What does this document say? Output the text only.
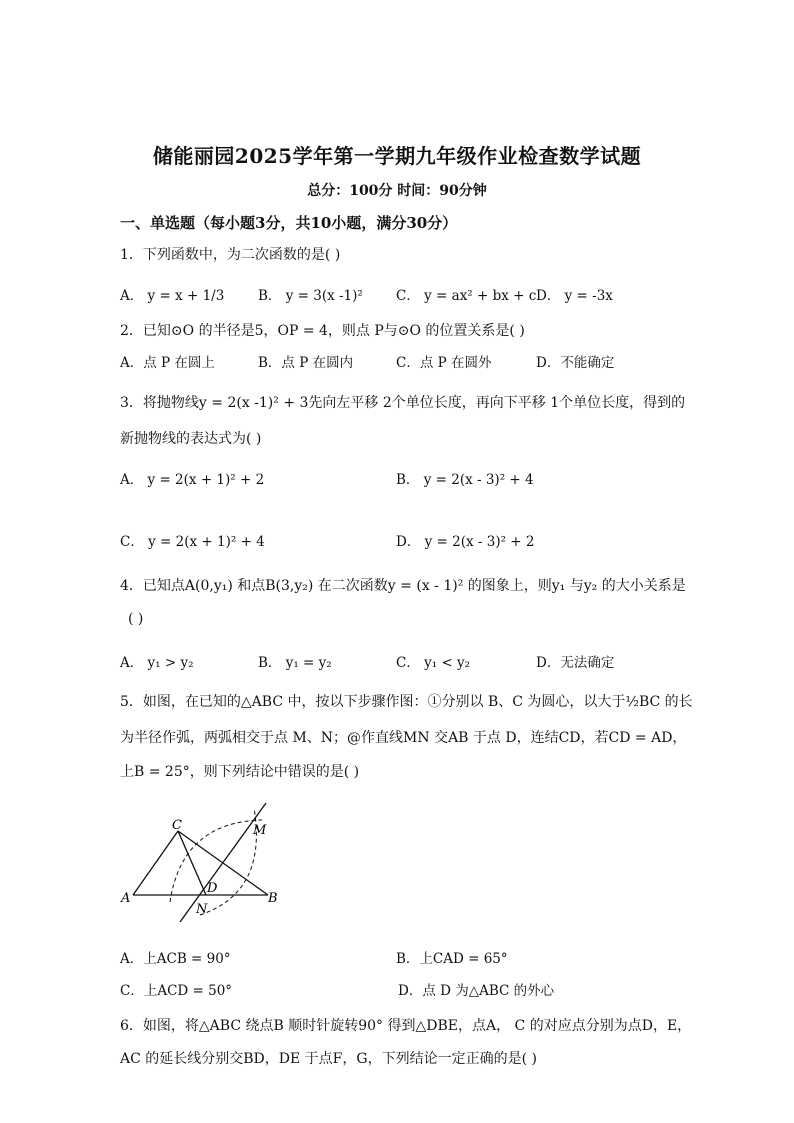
储能丽园2025学年第一学期九年级作业检查数学试题
总分：100分 时间：90分钟
一、单选题（每小题3分，共10小题，满分30分）
1．下列函数中，为二次函数的是( )
A． y = x + 1/3 B． y = 3(x -1)² C． y = ax² + bx + c D． y = -3x
2．已知⊙O 的半径是5，OP = 4，则点 P与⊙O 的位置关系是( )
A．点 P 在圆上	B．点 P 在圆内	C．点 P 在圆外	D．不能确定
3．将抛物线y = 2(x -1)² + 3先向左平移 2个单位长度，再向下平移 1个单位长度，得到的
新抛物线的表达式为( )
A． y = 2(x + 1)² + 2	B． y = 2(x - 3)² + 4
C． y = 2(x + 1)² + 4	D． y = 2(x - 3)² + 2
4．已知点A(0,y₁) 和点B(3,y₂) 在二次函数y = (x - 1)² 的图象上，则y₁ 与y₂ 的大小关系是
( )
A． y₁ > y₂	B． y₁ = y₂	C． y₁ < y₂	D．无法确定
5．如图，在已知的△ABC 中，按以下步骤作图：①分别以 B、C 为圆心，以大于½BC 的长
为半径作弧，两弧相交于点 M、N；@作直线MN 交AB 于点 D，连结CD，若CD = AD，
上B = 25°，则下列结论中错误的是( )
C	M
A
D
N
B
A．上ACB = 90°	B．上CAD = 65°
C．上ACD = 50°	D．点 D 为△ABC 的外心
6．如图，将△ABC 绕点B 顺时针旋转90° 得到△DBE，点A， C 的对应点分别为点D，E，
AC 的延长线分别交BD，DE 于点F，G，下列结论一定正确的是( )
